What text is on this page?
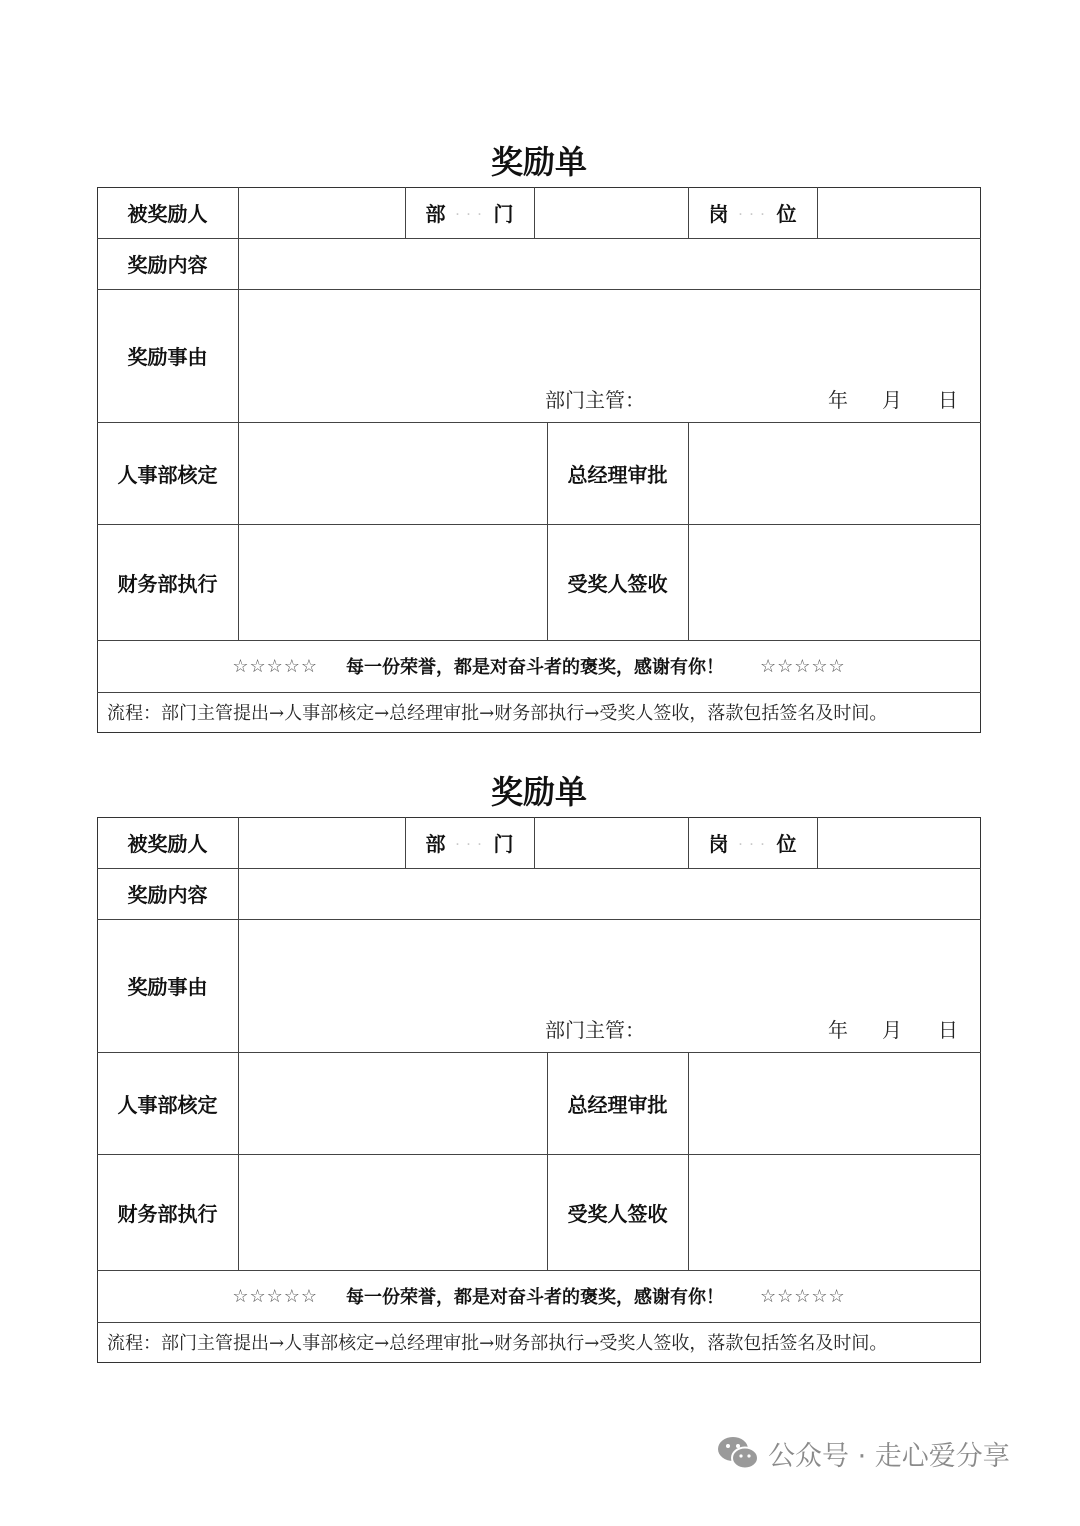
奖励单
被奖励人	部 . . . 门	岗 . . . 位
奖励内容
奖励事由
部门主管：	年 月 日
人事部核定	总经理审批
财务部执行	受奖人签收
☆☆☆☆☆ 每一份荣誉，都是对奋斗者的褒奖，感谢有你！ ☆☆☆☆☆
流程：部门主管提出→人事部核定→总经理审批→财务部执行→受奖人签收，落款包括签名及时间。
奖励单
被奖励人	部 . . . 门	岗 . . . 位
奖励内容
奖励事由
部门主管：	年 月 日
人事部核定	总经理审批
财务部执行	受奖人签收
☆☆☆☆☆ 每一份荣誉，都是对奋斗者的褒奖，感谢有你！ ☆☆☆☆☆
流程：部门主管提出→人事部核定→总经理审批→财务部执行→受奖人签收，落款包括签名及时间。
公众号 · 走心爱分享
